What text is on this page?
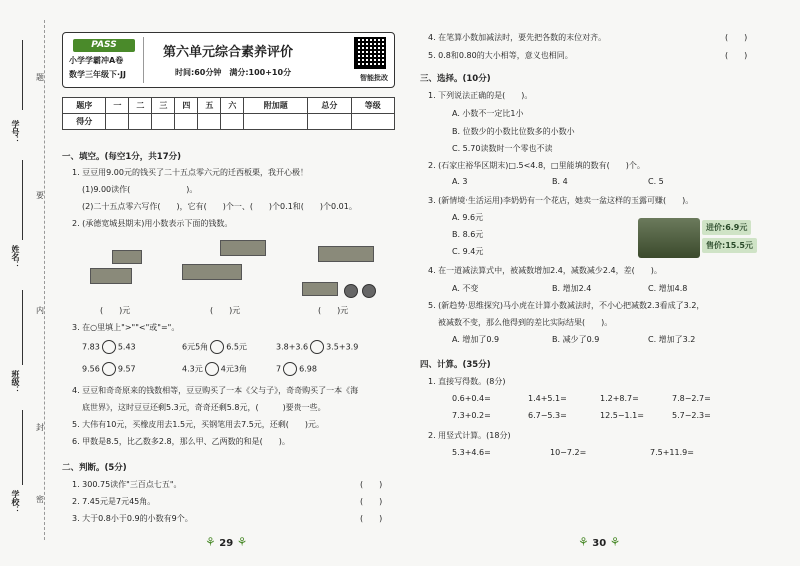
学号：
姓名：
班级：
学校：
题
要
内
封
密
PASS
小学学霸冲A卷
数学三年级下·JJ
第六单元综合素养评价
时间:60分钟　满分:100+10分
智能批改
题序	一	二	三	四	五	六	附加题	总分	等级
得分									
一、填空。(每空1分，共17分)
1. 豆豆用9.00元的钱买了二十五点零六元的迁西板栗，我开心极！
(1)9.00读作(　　　　　　　)。
(2)二十五点零六写作(　　)，它有(　　)个一、(　　)个0.1和(　　)个0.01。
2. (承德宽城县期末)用小数表示下面的钱数。
(　　)元	(　　)元	(　　)元
3. 在○里填上">""<"或"="。
7.83 5.43	6元5角 6.5元	3.8+3.6 3.5+3.9
9.56 9.57	4.3元 4元3角	7 6.98
4. 豆豆和奇奇原来的钱数相等，豆豆购买了一本《父与子》，奇奇购买了一本《海
底世界》，这时豆豆还剩5.3元，奇奇还剩5.8元，(　　　)要贵一些。
5. 大伟有10元，买橡皮用去1.5元，买钢笔用去7.5元，还剩(　　)元。
6. 甲数是8.5，比乙数多2.8，那么甲、乙两数的和是(　　)。
二、判断。(5分)
1. 300.75读作"三百点七五"。	(　　)
2. 7.45元是7元45角。	(　　)
3. 大于0.8小于0.9的小数有9个。	(　　)
⚘ 29 ⚘
4. 在笔算小数加减法时，要先把各数的末位对齐。	(　　)
5. 0.8和0.80的大小相等，意义也相同。	(　　)
三、选择。(10分)
1. 下列说法正确的是(　　)。
A. 小数不一定比1小
B. 位数少的小数比位数多的小数小
C. 5.70读数时一个零也不读
2. (石家庄裕华区期末)□.5<4.8，□里能填的数有(　　)个。
A. 3	B. 4	C. 5
3. (新情境·生活运用)李奶奶有一个花店，她卖一盆这样的玉露可赚(　　)。
A. 9.6元
B. 8.6元
C. 9.4元
进价:6.9元
售价:15.5元
4. 在一道减法算式中，被减数增加2.4，减数减少2.4，差(　　)。
A. 不变	B. 增加2.4	C. 增加4.8
5. (新趋势·思维探究)马小虎在计算小数减法时，不小心把减数2.3看成了3.2，
被减数不变，那么他得到的差比实际结果(　　)。
A. 增加了0.9	B. 减少了0.9	C. 增加了3.2
四、计算。(35分)
1. 直接写得数。(8分)
0.6+0.4=	1.4+5.1=	1.2+8.7=	7.8−2.7=
7.3+0.2=	6.7−5.3=	12.5−1.1=	5.7−2.3=
2. 用竖式计算。(18分)
5.3+4.6=	10−7.2=	7.5+11.9=
⚘ 30 ⚘
